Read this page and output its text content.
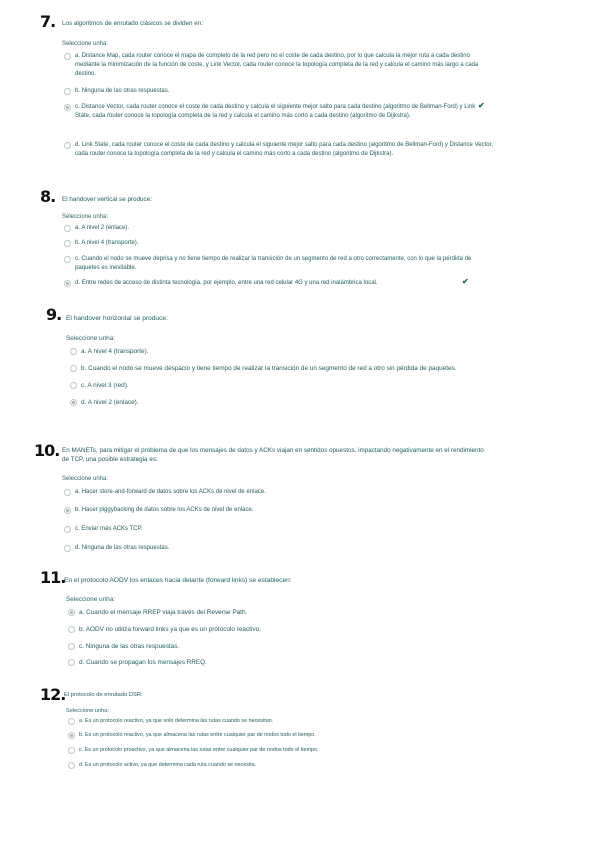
7. Los algoritmos de enrutado clásicos se dividen en:
Seleccione unha:
a. Distance Map, cada router conoce el mapa de completo de la red pero no el coste de cada destino, por lo que calcula la mejor ruta a cada destino mediante la minimización de la función de coste, y Link Vector, cada router conoce la topología completa de la red y calcula el camino más largo a cada destino.
b. Ninguna de las otras respuestas.
c. Distance Vector, cada router conoce el coste de cada destino y calcula el siguiente mejor salto para cada destino (algoritmo de Bellman-Ford) y Link State, cada router conoce la topología completa de la red y calcula el camino más corto a cada destino (algoritmo de Dijkstra).
✔
d. Link State, cada router conoce el coste de cada destino y calcula el siguiente mejor salto para cada destino (algoritmo de Bellman-Ford) y Distance Vector, cada router conoce la topología completa de la red y calcula el camino más corto a cada destino (algoritmo de Dijkstra).
8. El handover vertical se produce:
Seleccione unha:
a. A nivel 2 (enlace).
b. A nivel 4 (transporte).
c. Cuando el nodo se mueve deprisa y no tiene tiempo de realizar la transición de un segmento de red a otro correctamente, con lo que la pérdida de paquetes es inevitable.
d. Entre redes de acceso de distinta tecnología, por ejemplo, entre una red celular 4G y una red inalámbrica local.	✔
9. El handover horizontal se produce:
Seleccione unha:
a. A nivel 4 (transporte).
b. Cuando el nodo se mueve despacio y tiene tiempo de realizar la transición de un segmento de red a otro sin pérdida de paquetes.
c. A nivel 3 (red).
d. A nivel 2 (enlace).
10. En MANETs, para mitigar el problema de que los mensajes de datos y ACKs viajan en sentidos opuestos, impactando negativamente en el rendimiento de TCP, una posible estrategia es:
Seleccione unha:
a. Hacer store-and-forward de datos sobre los ACKs de nivel de enlace.
b. Hacer piggybacking de datos sobre los ACKs de nivel de enlace.
c. Enviar más ACKs TCP.
d. Ninguna de las otras respuestas.
11.
En el protocolo AODV los enlaces hacia delante (forward links) se establecen:
Seleccione unha:
a. Cuando el mensaje RREP viaja través del Reverse Path.
b. AODV no utiliza forward links ya que es un protocolo reactivo.
c. Ninguna de las otras respuestas.
d. Cuando se propagan los mensajes RREQ.
12.
El protocolo de enrutado DSR:
Seleccione unha:
a. Es un protocolo reactivo, ya que solo determina las rutas cuando se necesitan.
b. Es un protocolo reactivo, ya que almacena las rutas entre cualquier par de nodos todo el tiempo.
c. Es un protocolo proactivo, ya que almacena las rutas entre cualquier par de nodos todo el tiempo.
d. Es un protocolo activo, ya que determina cada ruta cuando se necesita.
